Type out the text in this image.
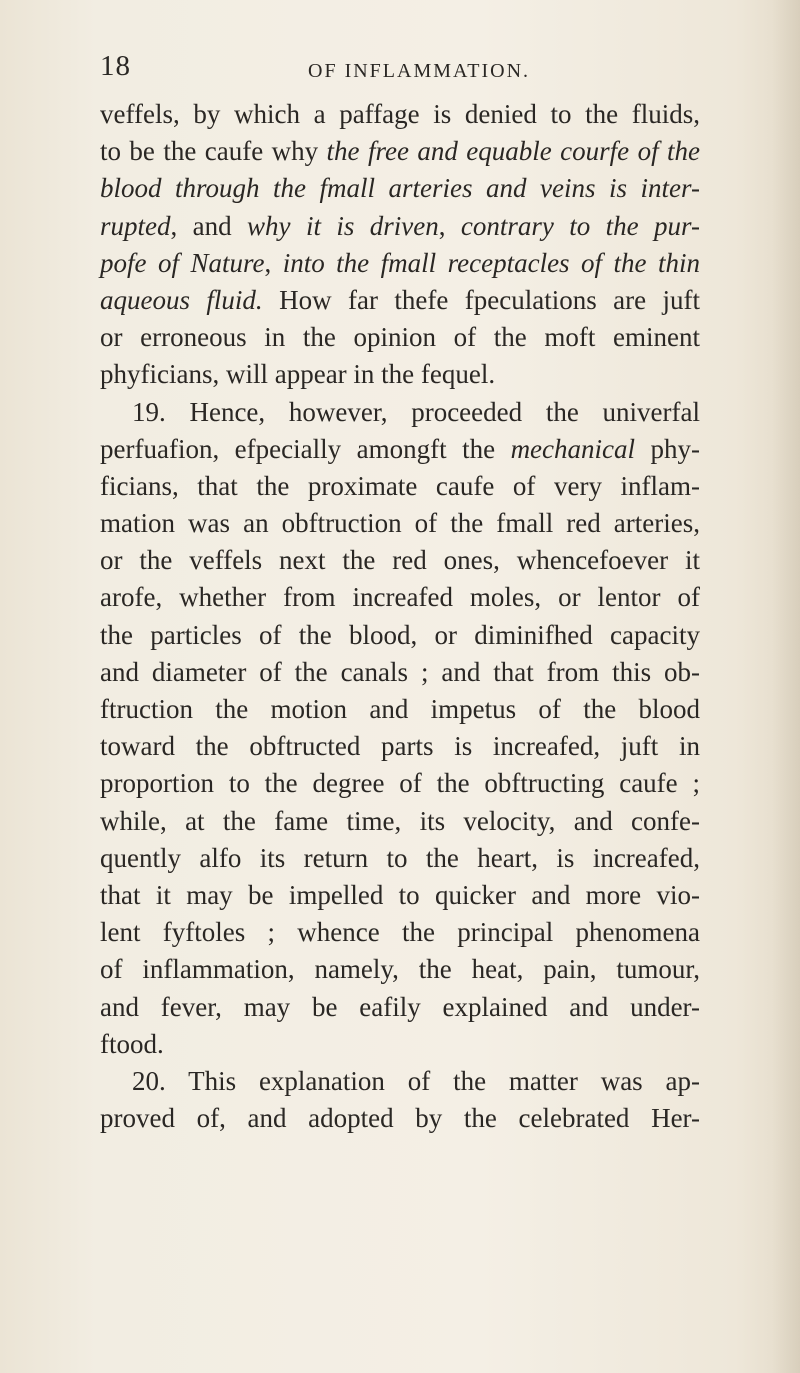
18	OF INFLAMMATION.
veffels, by which a paffage is denied to the fluids,
to be the caufe why the free and equable courfe of the
blood through the fmall arteries and veins is inter-
rupted, and why it is driven, contrary to the pur-
pofe of Nature, into the fmall receptacles of the thin
aqueous fluid. How far thefe fpeculations are juft
or erroneous in the opinion of the moft eminent
phyficians, will appear in the fequel.
19. Hence, however, proceeded the univerfal
perfuafion, efpecially amongft the mechanical phy-
ficians, that the proximate caufe of very inflam-
mation was an obftruction of the fmall red arteries,
or the veffels next the red ones, whencefoever it
arofe, whether from increafed moles, or lentor of
the particles of the blood, or diminifhed capacity
and diameter of the canals ; and that from this ob-
ftruction the motion and impetus of the blood
toward the obftructed parts is increafed, juft in
proportion to the degree of the obftructing caufe ;
while, at the fame time, its velocity, and confe-
quently alfo its return to the heart, is increafed,
that it may be impelled to quicker and more vio-
lent fyftoles ; whence the principal phenomena
of inflammation, namely, the heat, pain, tumour,
and fever, may be eafily explained and under-
ftood.
20. This explanation of the matter was ap-
proved of, and adopted by the celebrated Her-
